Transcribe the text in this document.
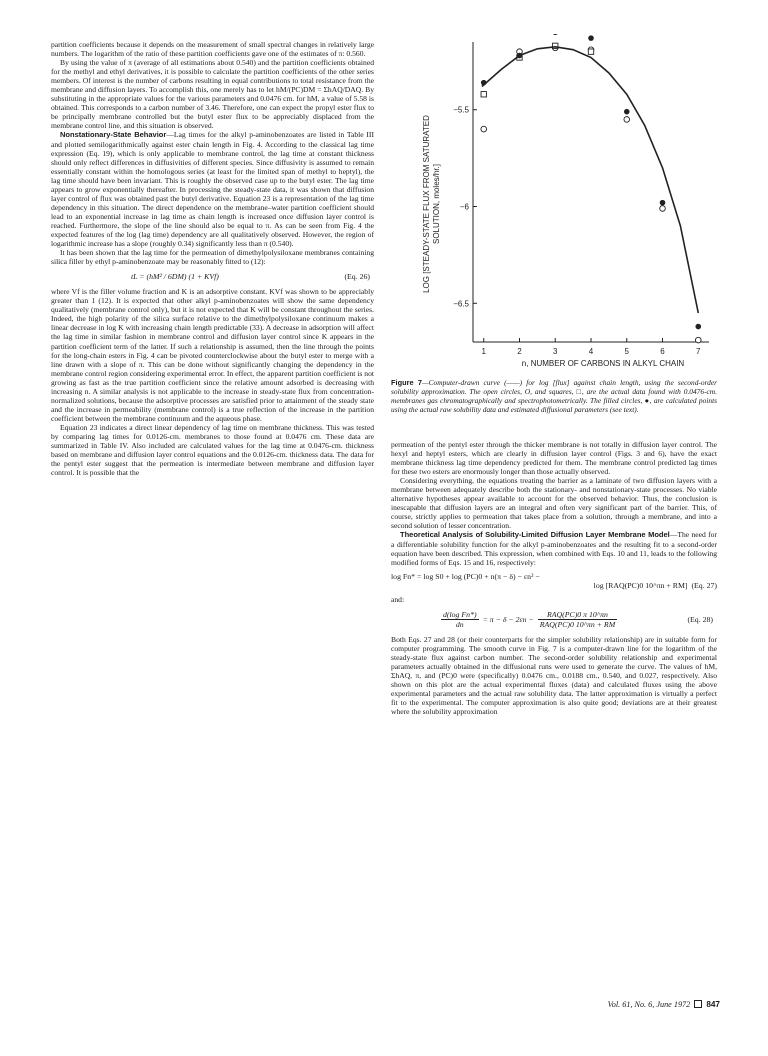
partition coefficients because it depends on the measurement of small spectral changes in relatively large numbers. The logarithm of the ratio of these partition coefficients gave one of the estimates of π: 0.560.

By using the value of π (average of all estimations about 0.540) and the partition coefficients obtained for the methyl and ethyl derivatives, it is possible to calculate the partition coefficients of the other series members. Of interest is the number of carbons resulting in equal contributions to total resistance from the membrane and diffusion layers. To accomplish this, one merely has to let hM/(PC)DM = ΣhAQ/DAQ. By substituting in the appropriate values for the various parameters and 0.0476 cm. for hM, a value of 5.58 is obtained. This corresponds to a carbon number of 3.46. Therefore, one can expect the propyl ester flux to be principally membrane controlled but the butyl ester flux to be appreciably displaced from the membrane control line, and this situation is observed.

Nonstationary-State Behavior—Lag times for the alkyl p-aminobenzoates are listed in Table III and plotted semilogarithmically against ester chain length in Fig. 4. According to the classical lag time expression (Eq. 19), which is only applicable to membrane control, the lag time at constant thickness should only reflect differences in diffusivities of different species. Since diffusivity is assumed to remain essentially constant within the homologous series (at least for the limited span of methyl to heptyl), the lag time should have been invariant. This is roughly the observed case up to the butyl ester. The lag time appears to grow exponentially thereafter. In processing the steady-state data, it was shown that diffusion layer control of flux was obtained past the butyl derivative. Equation 23 is a representation of the lag time dependency in this situation. The direct dependence on the membrane–water partition coefficient should lead to an exponential increase in lag time as chain length is increased once diffusion layer control is reached. Furthermore, the slope of the line should also be equal to π. As can be seen from Fig. 4 the expected features of the log (lag time) dependency are all qualitatively observed. However, the region of logarithmic increase has a slope (roughly 0.34) significantly less than π (0.540).

It has been shown that the lag time for the permeation of dimethylpolysiloxane membranes containing silica filler by ethyl p-aminobenzoate may be reasonably fitted to (12):

tL = (hM² / 6DM) (1 + KVf)	(Eq. 26)

where Vf is the filler volume fraction and K is an adsorptive constant. KVf was shown to be appreciably greater than 1 (12). It is expected that other alkyl p-aminobenzoates will show the same dependency qualitatively (membrane control only), but it is not expected that K will be constant throughout the series. Indeed, the high polarity of the silica surface relative to the dimethylpolysiloxane continuum makes a linear decrease in log K with increasing chain length predictable (33). A decrease in adsorption will affect the lag time in similar fashion in membrane control and diffusion layer control since K appears in the partition coefficient term of the latter. If such a relationship is assumed, then the line through the points for the long-chain esters in Fig. 4 can be pivoted counterclockwise about the butyl ester to merge with a line drawn with a slope of π. This can be done without significantly changing the dependency in the membrane control region considering experimental error. In effect, the apparent partition coefficient is not growing as fast as the true partition coefficient since the relative amount adsorbed is decreasing with increasing n. A similar analysis is not applicable to the increase in steady-state flux from concentration-normalized solutions, because the adsorptive processes are satisfied prior to attainment of the steady state and the increase in permeability (membrane control) is a true reflection of the increase in the partition coefficient between the membrane continuum and the aqueous phase.

Equation 23 indicates a direct linear dependency of lag time on membrane thickness. This was tested by comparing lag times for 0.0126-cm. membranes to those found at 0.0476 cm. These data are summarized in Table IV. Also included are calculated values for the lag time at 0.0476-cm. thickness based on membrane and diffusion layer control equations and the 0.0126-cm. thickness data. The data for the pentyl ester suggest that the permeation is intermediate between membrane and diffusion layer control. It is possible that the

1	2	3	4	5	6	7
−5.5
−6
−6.5
LOG [STEADY-STATE FLUX FROM SATURATED SOLUTION, moles/hr.]
n, NUMBER OF CARBONS IN ALKYL CHAIN
Figure 7—Computer-drawn curve (——) for log [flux] against chain length, using the second-order solubility approximation. The open circles, O, and squares, □, are the actual data found with 0.0476-cm. membranes gas chromatographically and spectrophotometrically. The filled circles, ●, are calculated points using the actual raw solubility data and estimated diffusional parameters (see text).

permeation of the pentyl ester through the thicker membrane is not totally in diffusion layer control. The hexyl and heptyl esters, which are clearly in diffusion layer control (Figs. 3 and 6), have the exact membrane thickness lag time dependency predicted for them. The membrane control predicted lag times for these two esters are enormously longer than those actually observed.

Considering everything, the equations treating the barrier as a laminate of two diffusion layers with a membrane between adequately describe both the stationary- and nonstationary-state processes. No viable alternative hypotheses appear available to account for the observed behavior. Thus, the conclusion is inescapable that diffusion layers are an integral and often very significant part of the barrier. This, of course, strictly applies to permeation that takes place from a solution, through a membrane, and into a second solution of lesser concentration.

Theoretical Analysis of Solubility-Limited Diffusion Layer Membrane Model—The need for a differentiable solubility function for the alkyl p-aminobenzoates and the resulting fit to a second-order equation have been described. This expression, when combined with Eqs. 10 and 11, leads to the following modified forms of Eqs. 15 and 16, respectively:

log Fn* = log S0 + log (PC)0 + n(π − δ) − εn² −
log [RAQ(PC)0 10^πn + RM] (Eq. 27)

and:

$\frac{\text{d(log Fn*)}}{dn} = \pi - \delta - 2\varepsilon n - \frac{\text{RAQ(PC)0 π 10\textasciicircum{}πn}}{\text{RAQ(PC)0 10\textasciicircum{}πn + RM}}$	(Eq. 28)

Both Eqs. 27 and 28 (or their counterparts for the simpler solubility relationship) are in suitable form for computer programming. The smooth curve in Fig. 7 is a computer-drawn line for the logarithm of the steady-state flux against carbon number. The second-order solubility relationship and experimental parameters actually obtained in the diffusional runs were used to generate the curve. The values of hM, ΣhAQ, π, and (PC)0 were (specifically) 0.0476 cm., 0.0188 cm., 0.540, and 0.027, respectively. Also shown on this plot are the actual experimental fluxes (data) and calculated fluxes using the above experimental parameters and the actual raw solubility data. The latter approximation is virtually a perfect fit to the experimental. The computer approximation is also quite good; deviations are at their greatest where the solubility approximation

Vol. 61, No. 6, June 1972 847
